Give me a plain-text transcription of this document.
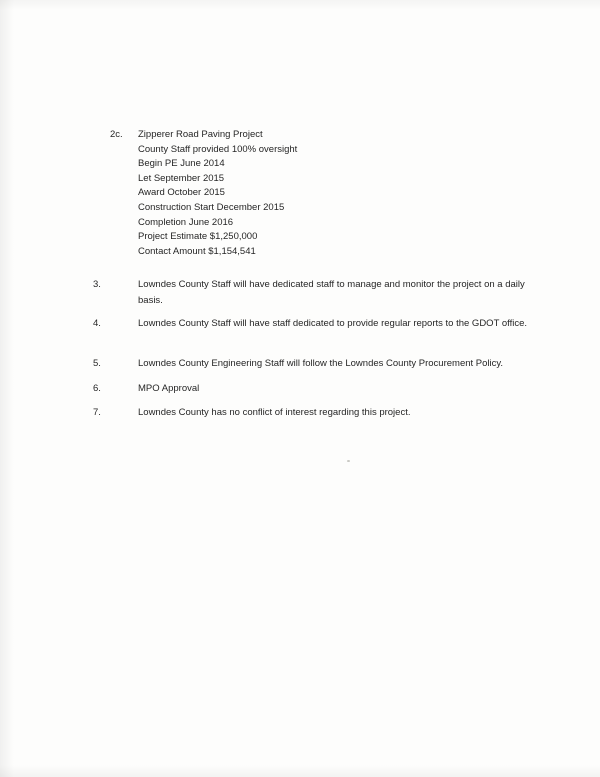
2c.	Zipperer Road Paving Project
County Staff provided 100% oversight
Begin PE June 2014
Let September 2015
Award October 2015
Construction Start December 2015
Completion June 2016
Project Estimate $1,250,000
Contact Amount $1,154,541
3.	Lowndes County Staff will have dedicated staff to manage and monitor the project on a daily basis.
4.	Lowndes County Staff will have staff dedicated to provide regular reports to the GDOT office.
5.	Lowndes County Engineering Staff will follow the Lowndes County Procurement Policy.
6.	MPO Approval
7.	Lowndes County has no conflict of interest regarding this project.
